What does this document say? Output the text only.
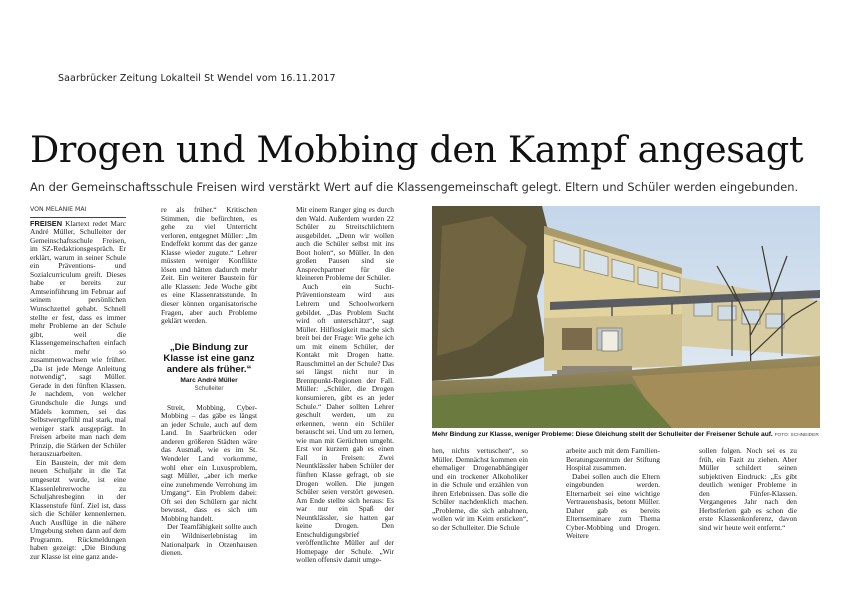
Saarbrücker Zeitung Lokalteil St Wendel vom 16.11.2017
Drogen und Mobbing den Kampf angesagt
An der Gemeinschaftsschule Freisen wird verstärkt Wert auf die Klassengemeinschaft gelegt. Eltern und Schüler werden eingebunden.
VON MELANIE MAI

FREISEN Klartext redet Marc André Müller, Schulleiter der Gemeinschaftsschule Freisen, im SZ-Redaktionsgespräch. Er erklärt, warum in seiner Schule ein Präventions- und Sozialcurriculum greift. Dieses habe er bereits zur Amtseinführung im Februar auf seinem persönlichen Wunschzettel gehabt. Schnell stellte er fest, dass es immer mehr Probleme an der Schule gibt, weil die Klassengemeinschaften einfach nicht mehr so zusammenwachsen wie früher. „Da ist jede Menge Anleitung notwendig“, sagt Müller. Gerade in den fünften Klassen. Je nachdem, von welcher Grundschule die Jungs und Mädels kommen, sei das Selbstwertgefühl mal stark, mal weniger stark ausgeprägt. In Freisen arbeite man nach dem Prinzip, die Stärken der Schüler herauszuarbeiten.

Ein Baustein, der mit dem neuen Schuljahr in die Tat umgesetzt wurde, ist eine Klassenlehrerwoche zu Schuljahresbeginn in der Klassenstufe fünf. Ziel ist, dass sich die Schüler kennenlernen. Auch Ausflüge in die nähere Umgebung stehen dann auf dem Programm. Rückmeldungen haben gezeigt: „Die Bindung zur Klasse ist eine ganz ande-

re als früher.“ Kritischen Stimmen, die befürchten, es gehe zu viel Unterricht verloren, entgegnet Müller: „Im Endeffekt kommt das der ganze Klasse wieder zugute.“ Lehrer müssten weniger Konflikte lösen und hätten dadurch mehr Zeit. Ein weiterer Baustein für alle Klassen: Jede Woche gibt es eine Klassenratsstunde. In dieser können organisatorische Fragen, aber auch Probleme geklärt werden.

„Die Bindung zur Klasse ist eine ganz andere als früher.“
Marc André Müller
Schulleiter

Streit, Mobbing, Cyber-Mobbing – das gäbe es längst an jeder Schule, auch auf dem Land. In Saarbrücken oder anderen größeren Städten wäre das Ausmaß, wie es im St. Wendeler Land vorkomme, wohl eher ein Luxusproblem, sagt Müller, „aber ich merke eine zunehmende Verrohung im Umgang“. Ein Problem dabei: Oft sei den Schülern gar nicht bewusst, dass es sich um Mobbing handelt.

Der Teamfähigkeit sollte auch ein Wildniserlebnistag im Nationalpark in Otzenhausen dienen.

Mit einem Ranger ging es durch den Wald. Außerdem wurden 22 Schüler zu Streitschlichtern ausgebildet. „Denn wir wollen auch die Schüler selbst mit ins Boot holen“, so Müller. In den großen Pausen sind sie Ansprechpartner für die kleineren Probleme der Schüler.

Auch ein Sucht-Präventionsteam wird aus Lehrern und Schoolworkern gebildet. „Das Problem Sucht wird oft unterschätzt“, sagt Müller. Hilflosigkeit mache sich breit bei der Frage: Wie gehe ich um mit einem Schüler, der Kontakt mit Drogen hatte. Rauschmittel an der Schule? Das sei längst nicht nur in Brennpunkt-Regionen der Fall. Müller: „Schüler, die Drogen konsumieren, gibt es an jeder Schule.“ Daher sollten Lehrer geschult werden, um zu erkennen, wenn ein Schüler berauscht sei. Und um zu lernen, wie man mit Gerüchten umgeht. Erst vor kurzem gab es einen Fall in Freisen: Zwei Neuntklässler haben Schüler der fünften Klasse gefragt, ob sie Drogen wollen. Die jungen Schüler seien verstört gewesen. Am Ende stellte sich heraus: Es war nur ein Spaß der Neuntklässler, sie hatten gar keine Drogen. Den Entschuldigungsbrief veröffentlichte Müller auf der Homepage der Schule. „Wir wollen offensiv damit umge-

Mehr Bindung zur Klasse, weniger Probleme: Diese Gleichung stellt der Schulleiter der Freisener Schule auf. FOTO: SCHNEIDER

hen, nichts vertuschen“, so Müller. Demnächst kommen ein ehemaliger Drogenabhängiger und ein trockener Alkoholiker in die Schule und erzählen von ihren Erlebnissen. Das solle die Schüler nachdenklich machen. „Probleme, die sich anbahnen, wollen wir im Keim ersticken“, so der Schulleiter. Die Schule

arbeite auch mit dem Familien-Beratungszentrum der Stiftung Hospital zusammen.

Dabei sollen auch die Eltern eingebunden werden. Elternarbeit sei eine wichtige Vertrauensbasis, betont Müller. Daher gab es bereits Elternseminare zum Thema Cyber-Mobbing und Drogen. Weitere

sollen folgen. Noch sei es zu früh, ein Fazit zu ziehen. Aber Müller schildert seinen subjektiven Eindruck: „Es gibt deutlich weniger Probleme in den Fünfer-Klassen. Vergangenes Jahr nach den Herbstferien gab es schon die erste Klassenkonferenz, davon sind wir heute weit entfernt.“
